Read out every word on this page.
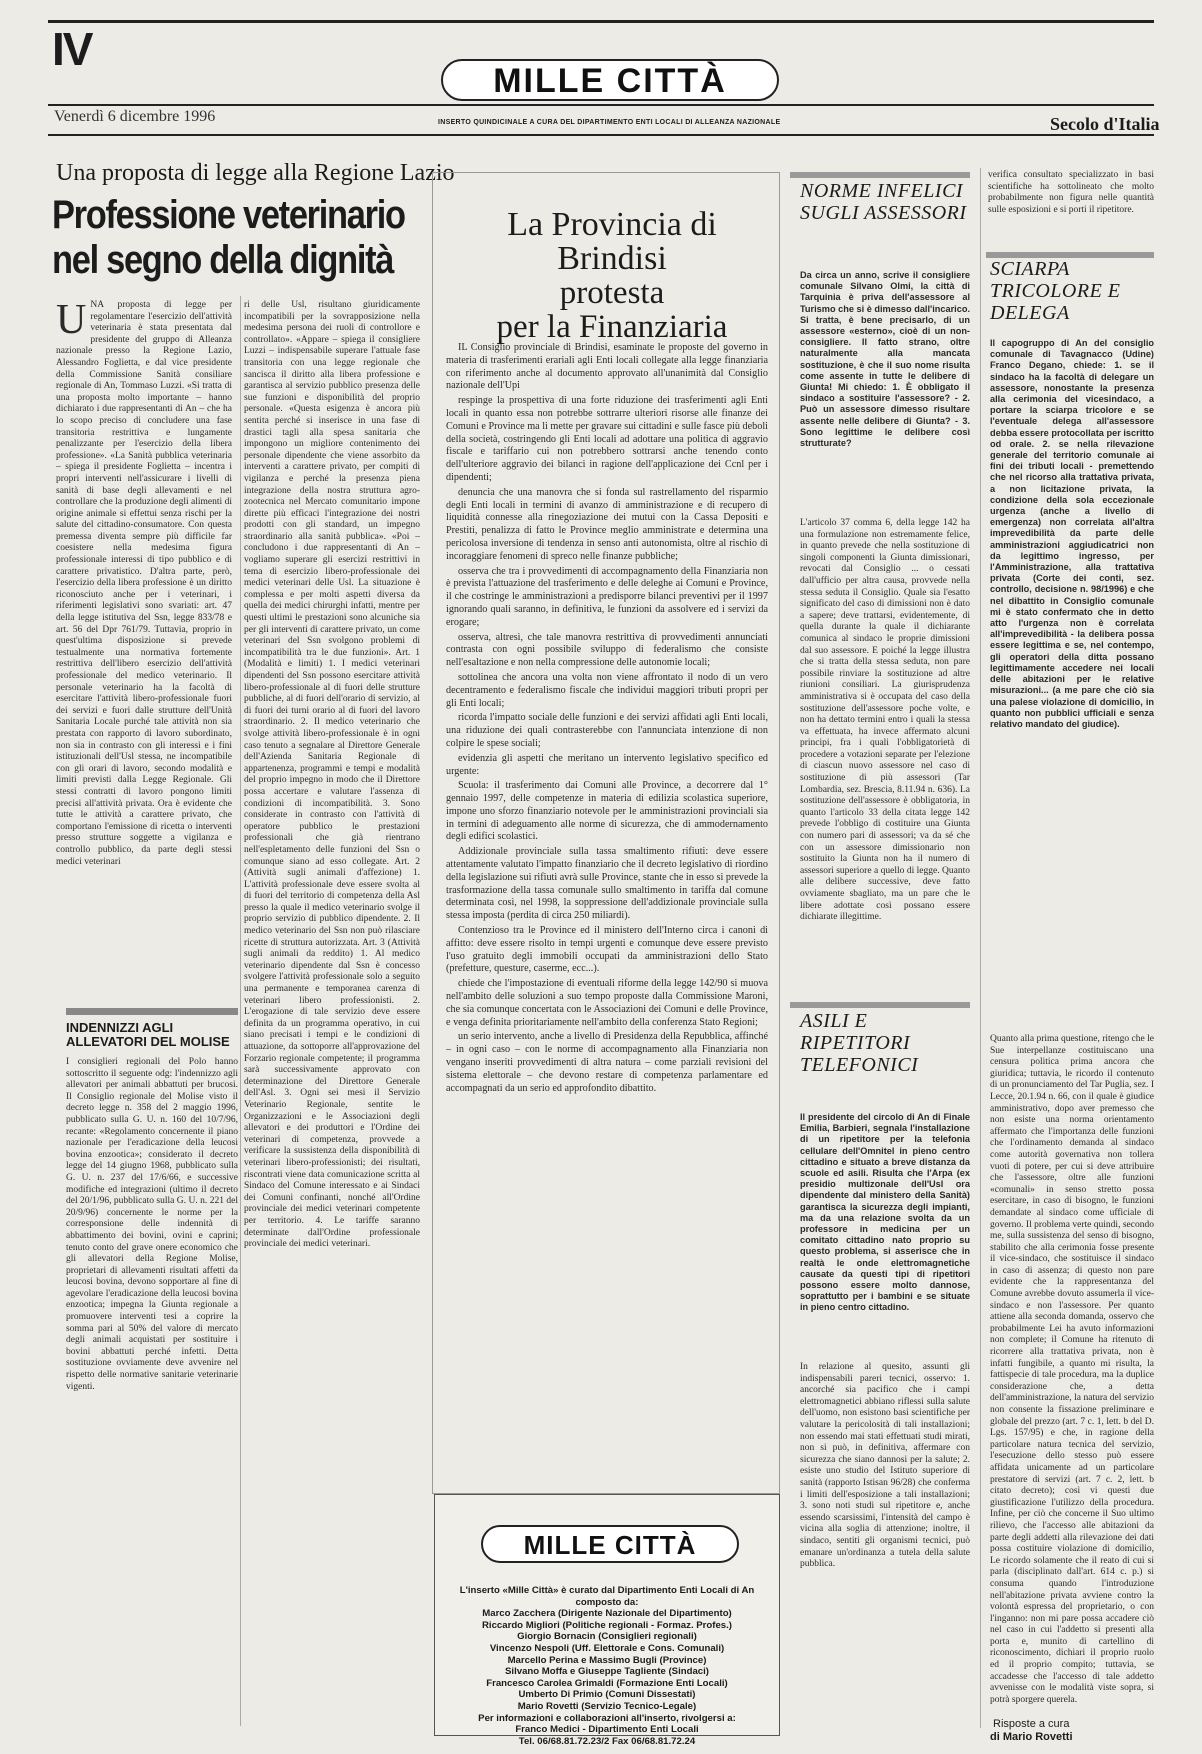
IV
MILLE CITTÀ
Venerdì 6 dicembre 1996	INSERTO QUINDICINALE A CURA DEL DIPARTIMENTO ENTI LOCALI DI ALLEANZA NAZIONALE	Secolo d'Italia
Una proposta di legge alla Regione Lazio
Professione veterinario nel segno della dignità
U NA proposta di legge per regolamentare l'esercizio dell'attività veterinaria è stata presentata dal presidente del gruppo di Alleanza nazionale presso la Regione Lazio, Alessandro Foglietta, e dal vice presidente della Commissione Sanità consiliare regionale di An, Tommaso Luzzi. «Si tratta di una proposta molto importante – hanno dichiarato i due rappresentanti di An – che ha lo scopo preciso di concludere una fase transitoria restrittiva e lungamente penalizzante per l'esercizio della libera professione». «La Sanità pubblica veterinaria – spiega il presidente Foglietta – incentra i propri interventi nell'assicurare i livelli di sanità di base degli allevamenti e nel controllare che la produzione degli alimenti di origine animale si effettui senza rischi per la salute del cittadino-consumatore. Con questa premessa diventa sempre più difficile far coesistere nella medesima figura professionale interessi di tipo pubblico e di carattere privatistico. D'altra parte, però, l'esercizio della libera professione è un diritto riconosciuto anche per i veterinari, i riferimenti legislativi sono svariati: art. 47 della legge istitutiva del Ssn, legge 833/78 e art. 56 del Dpr 761/79. Tuttavia, proprio in quest'ultima disposizione si prevede testualmente una normativa fortemente restrittiva dell'libero esercizio dell'attività professionale del medico veterinario. Il personale veterinario ha la facoltà di esercitare l'attività libero-professionale fuori dei servizi e fuori dalle strutture dell'Unità Sanitaria Locale purché tale attività non sia prestata con rapporto di lavoro subordinato, non sia in contrasto con gli interessi e i fini istituzionali dell'Usl stessa, ne incompatibile con gli orari di lavoro, secondo modalità e limiti previsti dalla Legge Regionale. Gli stessi contratti di lavoro pongono limiti precisi all'attività privata. Ora è evidente che tutte le attività a carattere privato, che comportano l'emissione di ricetta o interventi presso strutture soggette a vigilanza e controllo pubblico, da parte degli stessi medici veterinari
ri delle Usl, risultano giuridicamente incompatibili per la sovrapposizione nella medesima persona dei ruoli di controllore e controllato». «Appare – spiega il consigliere Luzzi – indispensabile superare l'attuale fase transitoria con una legge regionale che sancisca il diritto alla libera professione e garantisca al servizio pubblico presenza delle sue funzioni e disponibilità del proprio personale. «Questa esigenza è ancora più sentita perché si inserisce in una fase di drastici tagli alla spesa sanitaria che impongono un migliore contenimento dei personale dipendente che viene assorbito da interventi a carattere privato, per compiti di vigilanza e perché la presenza piena integrazione della nostra struttura agro-zootecnica nel Mercato comunitario impone dirette più efficaci l'integrazione dei nostri prodotti con gli standard, un impegno straordinario alla sanità pubblica». «Poi – concludono i due rappresentanti di An – vogliamo superare gli esercizi restrittivi in tema di esercizio libero-professionale dei medici veterinari delle Usl. La situazione è complessa e per molti aspetti diversa da quella dei medici chirurghi infatti, mentre per questi ultimi le prestazioni sono alcuniche sia per gli interventi di carattere privato, un come veterinari del Ssn svolgono problemi di incompatibilità tra le due funzioni». Art. 1 (Modalità e limiti) 1. I medici veterinari dipendenti del Ssn possono esercitare attività libero-professionale al di fuori delle strutture pubbliche, al di fuori dell'orario di servizio, al di fuori dei turni orario al di fuori del lavoro straordinario. 2. Il medico veterinario che svolge attività libero-professionale è in ogni caso tenuto a segnalare al Direttore Generale dell'Azienda Sanitaria Regionale di appartenenza, programmi e tempi e modalità del proprio impegno in modo che il Direttore possa accertare e valutare l'assenza di condizioni di incompatibilità. 3. Sono considerate in contrasto con l'attività di operatore pubblico le prestazioni professionali che già rientrano nell'espletamento delle funzioni del Ssn o comunque siano ad esso collegate. Art. 2 (Attività sugli animali d'affezione) 1. L'attività professionale deve essere svolta al di fuori del territorio di competenza della Asl presso la quale il medico veterinario svolge il proprio servizio di pubblico dipendente. 2. Il medico veterinario del Ssn non può rilasciare ricette di struttura autorizzata. Art. 3 (Attività sugli animali da reddito) 1. Al medico veterinario dipendente dal Ssn è concesso svolgere l'attività professionale solo a seguito una permanente e temporanea carenza di veterinari libero professionisti. 2. L'erogazione di tale servizio deve essere definita da un programma operativo, in cui siano precisati i tempi e le condizioni di attuazione, da sottoporre all'approvazione del Forzario regionale competente; il programma sarà successivamente approvato con determinazione del Direttore Generale dell'Asl. 3. Ogni sei mesi il Servizio Veterinario Regionale, sentite le Organizzazioni e le Associazioni degli allevatori e dei produttori e l'Ordine dei veterinari di competenza, provvede a verificare la sussistenza della disponibilità di veterinari libero-professionisti; dei risultati, riscontrati viene data comunicazione scritta al Sindaco del Comune interessato e ai Sindaci dei Comuni confinanti, nonché all'Ordine provinciale dei medici veterinari competente per territorio. 4. Le tariffe saranno determinate dall'Ordine professionale provinciale dei medici veterinari.
INDENNIZZI AGLI ALLEVATORI DEL MOLISE
I consiglieri regionali del Polo hanno sottoscritto il seguente odg: l'indennizzo agli allevatori per animali abbattuti per brucosi. Il Consiglio regionale del Molise visto il decreto legge n. 358 del 2 maggio 1996, pubblicato sulla G. U. n. 160 del 10/7/96, recante: «Regolamento concernente il piano nazionale per l'eradicazione della leucosi bovina enzootica»; considerato il decreto legge del 14 giugno 1968, pubblicato sulla G. U. n. 237 del 17/6/66, e successive modifiche ed integrazioni (ultimo il decreto del 20/1/96, pubblicato sulla G. U. n. 221 del 20/9/96) concernente le norme per la corresponsione delle indennità di abbattimento dei bovini, ovini e caprini; tenuto conto del grave onere economico che gli allevatori della Regione Molise, proprietari di allevamenti risultati affetti da leucosi bovina, devono sopportare al fine di agevolare l'eradicazione della leucosi bovina enzootica; impegna la Giunta regionale a promuovere interventi tesi a coprire la somma pari al 50% del valore di mercato degli animali acquistati per sostituire i bovini abbattuti perché infetti. Detta sostituzione ovviamente deve avvenire nel rispetto delle normative sanitarie veterinarie vigenti.
La Provincia di Brindisi
protesta
per la Finanziaria

IL Consiglio provinciale di Brindisi, esaminate le proposte del governo in materia di trasferimenti erariali agli Enti locali collegate alla legge finanziaria con riferimento anche al documento approvato all'unanimità dal Consiglio nazionale dell'Upi

respinge la prospettiva di una forte riduzione dei trasferimenti agli Enti locali in quanto essa non potrebbe sottrarre ulteriori risorse alle finanze dei Comuni e Province ma li mette per gravare sui cittadini e sulle fasce più deboli della società, costringendo gli Enti locali ad adottare una politica di aggravio fiscale e tariffario cui non potrebbero sottrarsi anche tenendo conto dell'ulteriore aggravio dei bilanci in ragione dell'applicazione dei Ccnl per i dipendenti;

denuncia che una manovra che si fonda sul rastrellamento del risparmio degli Enti locali in termini di avanzo di amministrazione e di recupero di liquidità connesse alla rinegoziazione dei mutui con la Cassa Depositi e Prestiti, penalizza di fatto le Province meglio amministrate e determina una pericolosa inversione di tendenza in senso anti autonomista, oltre al rischio di incoraggiare fenomeni di spreco nelle finanze pubbliche;

osserva che tra i provvedimenti di accompagnamento della Finanziaria non è prevista l'attuazione del trasferimento e delle deleghe ai Comuni e Province, il che costringe le amministrazioni a predisporre bilanci preventivi per il 1997 ignorando quali saranno, in definitiva, le funzioni da assolvere ed i servizi da erogare;

osserva, altresì, che tale manovra restrittiva di provvedimenti annunciati contrasta con ogni possibile sviluppo di federalismo che consiste nell'esaltazione e non nella compressione delle autonomie locali;

sottolinea che ancora una volta non viene affrontato il nodo di un vero decentramento e federalismo fiscale che individui maggiori tributi propri per gli Enti locali;

ricorda l'impatto sociale delle funzioni e dei servizi affidati agli Enti locali, una riduzione dei quali contrasterebbe con l'annunciata intenzione di non colpire le spese sociali;

evidenzia gli aspetti che meritano un intervento legislativo specifico ed urgente:

Scuola: il trasferimento dai Comuni alle Province, a decorrere dal 1° gennaio 1997, delle competenze in materia di edilizia scolastica superiore, impone uno sforzo finanziario notevole per le amministrazioni provinciali sia in termini di adeguamento alle norme di sicurezza, che di ammodernamento degli edifici scolastici.

Addizionale provinciale sulla tassa smaltimento rifiuti: deve essere attentamente valutato l'impatto finanziario che il decreto legislativo di riordino della legislazione sui rifiuti avrà sulle Province, stante che in esso si prevede la trasformazione della tassa comunale sullo smaltimento in tariffa dal comune determinata così, nel 1998, la soppressione dell'addizionale provinciale sulla stessa imposta (perdita di circa 250 miliardi).

Contenzioso tra le Province ed il ministero dell'Interno circa i canoni di affitto: deve essere risolto in tempi urgenti e comunque deve essere previsto l'uso gratuito degli immobili occupati da amministrazioni dello Stato (prefetture, questure, caserme, ecc...).

chiede che l'impostazione di eventuali riforme della legge 142/90 si muova nell'ambito delle soluzioni a suo tempo proposte dalla Commissione Maroni, che sia comunque concertata con le Associazioni dei Comuni e delle Province, e venga definita prioritariamente nell'ambito della conferenza Stato Regioni;

un serio intervento, anche a livello di Presidenza della Repubblica, affinché – in ogni caso – con le norme di accompagnamento alla Finanziaria non vengano inseriti provvedimenti di altra natura – come parziali revisioni del sistema elettorale – che devono restare di competenza parlamentare ed accompagnati da un serio ed approfondito dibattito.

MILLE CITTÀ
L'inserto «Mille Città» è curato dal Dipartimento Enti Locali di An
composto da:
Marco Zacchera (Dirigente Nazionale del Dipartimento)
Riccardo Migliori (Politiche regionali - Formaz. Profes.)
Giorgio Bornacin (Consiglieri regionali)
Vincenzo Nespoli (Uff. Elettorale e Cons. Comunali)
Marcello Perina e Massimo Bugli (Province)
Silvano Moffa e Giuseppe Tagliente (Sindaci)
Francesco Carolea Grimaldi (Formazione Enti Locali)
Umberto Di Primio (Comuni Dissestati)
Mario Rovetti (Servizio Tecnico-Legale)
Per informazioni e collaborazioni all'inserto, rivolgersi a:
Franco Medici - Dipartimento Enti Locali
Tel. 06/68.81.72.23/2 Fax 06/68.81.72.24
NORME INFELICI SUGLI ASSESSORI
Da circa un anno, scrive il consigliere comunale Silvano Olmi, la città di Tarquinia è priva dell'assessore al Turismo che si è dimesso dall'incarico. Si tratta, è bene precisarlo, di un assessore «esterno», cioè di un non-consigliere. Il fatto strano, oltre naturalmente alla mancata sostituzione, è che il suo nome risulta come assente in tutte le delibere di Giunta! Mi chiedo: 1. È obbligato il sindaco a sostituire l'assessore? - 2. Può un assessore dimesso risultare assente nelle delibere di Giunta? - 3. Sono legittime le delibere così strutturate?
L'articolo 37 comma 6, della legge 142 ha una formulazione non estremamente felice, in quanto prevede che nella sostituzione di singoli componenti la Giunta dimissionari, revocati dal Consiglio ... o cessati dall'ufficio per altra causa, provvede nella stessa seduta il Consiglio. Quale sia l'esatto significato del caso di dimissioni non è dato a sapere; deve trattarsi, evidentemente, di quella durante la quale il dichiarante comunica al sindaco le proprie dimissioni dal suo assessore. E poiché la legge illustra che si tratta della stessa seduta, non pare possibile rinviare la sostituzione ad altre riunioni consiliari. La giurisprudenza amministrativa si è occupata del caso della sostituzione dell'assessore poche volte, e non ha dettato termini entro i quali la stessa va effettuata, ha invece affermato alcuni principi, fra i quali l'obbligatorietà di procedere a votazioni separate per l'elezione di ciascun nuovo assessore nel caso di sostituzione di più assessori (Tar Lombardia, sez. Brescia, 8.11.94 n. 636). La sostituzione dell'assessore è obbligatoria, in quanto l'articolo 33 della citata legge 142 prevede l'obbligo di costituire una Giunta con numero pari di assessori; va da sé che con un assessore dimissionario non sostituito la Giunta non ha il numero di assessori superiore a quello di legge. Quanto alle delibere successive, deve fatto ovviamente sbagliato, ma un pare che le libere adottate così possano essere dichiarate illegittime.
ASILI E RIPETITORI TELEFONICI
Il presidente del circolo di An di Finale Emilia, Barbieri, segnala l'installazione di un ripetitore per la telefonia cellulare dell'Omnitel in pieno centro cittadino e situato a breve distanza da scuole ed asili. Risulta che l'Arpa (ex presidio multizonale dell'Usl ora dipendente dal ministero della Sanità) garantisca la sicurezza degli impianti, ma da una relazione svolta da un professore in medicina per un comitato cittadino nato proprio su questo problema, si asserisce che in realtà le onde elettromagnetiche causate da questi tipi di ripetitori possono essere molto dannose, soprattutto per i bambini e se situate in pieno centro cittadino.
In relazione al quesito, assunti gli indispensabili pareri tecnici, osservo: 1. ancorché sia pacifico che i campi elettromagnetici abbiano riflessi sulla salute dell'uomo, non esistono basi scientifiche per valutare la pericolosità di tali installazioni; non essendo mai stati effettuati studi mirati, non si può, in definitiva, affermare con sicurezza che siano dannosi per la salute; 2. esiste uno studio del Istituto superiore di sanità (rapporto Istisan 96/28) che conferma i limiti dell'esposizione a tali installazioni; 3. sono noti studi sul ripetitore e, anche essendo scarsissimi, l'intensità del campo è vicina alla soglia di attenzione; inoltre, il sindaco, sentiti gli organismi tecnici, può emanare un'ordinanza a tutela della salute pubblica.
verifica consultato specializzato in basi scientifiche ha sottolineato che molto probabilmente non figura nelle quantità sulle esposizioni e si porti il ripetitore.
SCIARPA TRICOLORE E DELEGA
Il capogruppo di An del consiglio comunale di Tavagnacco (Udine) Franco Degano, chiede: 1. se il sindaco ha la facoltà di delegare un assessore, nonostante la presenza alla cerimonia del vicesindaco, a portare la sciarpa tricolore e se l'eventuale delega all'assessore debba essere protocollata per iscritto od orale. 2. se nella rilevazione generale del territorio comunale ai fini dei tributi locali - premettendo che nel ricorso alla trattativa privata, a non licitazione privata, la condizione della sola eccezionale urgenza (anche a livello di emergenza) non correlata all'altra imprevedibilità da parte delle amministrazioni aggiudicatrici non da legittimo ingresso, per l'Amministrazione, alla trattativa privata (Corte dei conti, sez. controllo, decisione n. 98/1996) e che nel dibattito in Consiglio comunale mi è stato confermato che in detto atto l'urgenza non è correlata all'imprevedibilità - la delibera possa essere legittima e se, nel contempo, gli operatori della ditta possano legittimamente accedere nei locali delle abitazioni per le relative misurazioni... (a me pare che ciò sia una palese violazione di domicilio, in quanto non pubblici ufficiali e senza relativo mandato del giudice).
Quanto alla prima questione, ritengo che le Sue interpellanze costituiscano una censura politica prima ancora che giuridica; tuttavia, le ricordo il contenuto di un pronunciamento del Tar Puglia, sez. I Lecce, 20.1.94 n. 66, con il quale è giudice amministrativo, dopo aver premesso che non esiste una norma orientamento affermato che l'importanza delle funzioni che l'ordinamento demanda al sindaco come autorità governativa non tollera vuoti di potere, per cui si deve attribuire che l'assessore, oltre alle funzioni «comunali» in senso stretto possa esercitare, in caso di bisogno, le funzioni demandate al sindaco come ufficiale di governo. Il problema verte quindi, secondo me, sulla sussistenza del senso di bisogno, stabilito che alla cerimonia fosse presente il vice-sindaco, che sostituisce il sindaco in caso di assenza; di questo non pare evidente che la rappresentanza del Comune avrebbe dovuto assumerla il vice-sindaco e non l'assessore. Per quanto attiene alla seconda domanda, osservo che probabilmente Lei ha avuto informazioni non complete; il Comune ha ritenuto di ricorrere alla trattativa privata, non è infatti fungibile, a quanto mi risulta, la fattispecie di tale procedura, ma la duplice considerazione che, a detta dell'amministrazione, la natura del servizio non consente la fissazione preliminare e globale del prezzo (art. 7 c. 1, lett. b del D. Lgs. 157/95) e che, in ragione della particolare natura tecnica del servizio, l'esecuzione dello stesso può essere affidata unicamente ad un particolare prestatore di servizi (art. 7 c. 2, lett. b citato decreto); così vi questi due giustificazione l'utilizzo della procedura. Infine, per ciò che concerne il Suo ultimo rilievo, che l'accesso alle abitazioni da parte degli addetti alla rilevazione dei dati possa costituire violazione di domicilio, Le ricordo solamente che il reato di cui si parla (disciplinato dall'art. 614 c. p.) si consuma quando l'introduzione nell'abitazione privata avviene contro la volontà espressa del proprietario, o con l'inganno: non mi pare possa accadere ciò nel caso in cui l'addetto si presenti alla porta e, munito di cartellino di riconoscimento, dichiari il proprio ruolo ed il proprio compito; tuttavia, se accadesse che l'accesso di tale addetto avvenisse con le modalità viste sopra, si potrà sporgere querela.
Risposte a cura
di Mario Rovetti
